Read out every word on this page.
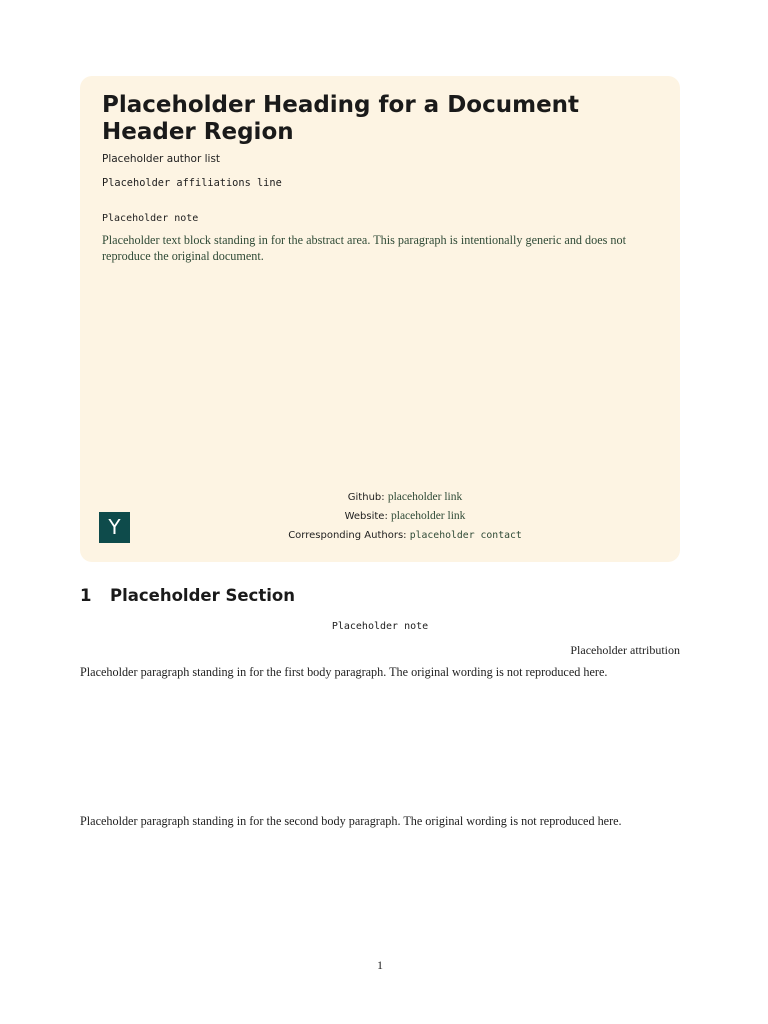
Placeholder Heading for a Document Header Region

Placeholder author list

Placeholder affiliations line

Placeholder note

Placeholder text block standing in for the abstract area. This paragraph is intentionally generic and does not reproduce the original document.

Github: placeholder link
Website: placeholder link
Corresponding Authors: placeholder contact
Y
1 Placeholder Section

Placeholder note

Placeholder attribution

Placeholder paragraph standing in for the first body paragraph. The original wording is not reproduced here.

Placeholder paragraph standing in for the second body paragraph. The original wording is not reproduced here.

1
